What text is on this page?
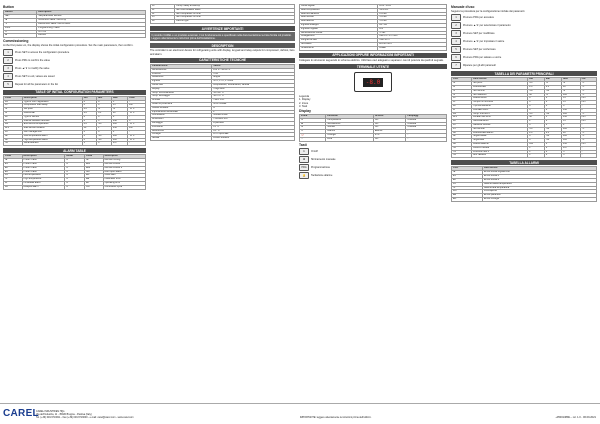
Button
Button	Description
SET	Set/parameter access
▲	Increment value / scroll up
▼	Decrement value / scroll down
PRG	Programming / save
⏻	On / off
✱	Defrost
Commissioning
At the first power-on, the display shows the initial configuration procedure. Set the main parameters, then confirm.
1	Press SET to access the configuration procedure
2	Press PRG to confirm the value
3	Press ▲/▼ to modify the value
4	Press SET to exit, values are saved
5	Repeat for all the parameters in the list
TABLE OF INITIAL CONFIGURATION PARAMETERS
Code	Description	Def	Min	Max	UOM
PA	Type of unit / application	0	0	1	-
c0	Compressor start delay	0	0	15	min
St	Set point	4.0	r1	r2	°C/°F
rd	Differential	2.0	0.1	20	°C/°F
d0	Type of defrost	0	0	4	-
dI	Interval between defrosts	8	0	240	h
dt1	End defrost temperature	4.0	-50	200	°C/°F
dP1	Max defrost duration	30	1	250	min
F0	Fan management	0	0	2	-
AL	Low temperature alarm	0	-50	200	°C/°F
AH	High temperature alarm	0	-50	200	°C/°F
H0	Serial address	1	0	247	-
ALARM TABLE
Code	Description	Reset	Code	Description
rE	Probe 1 fault	A	dF	Defrost running
E1	Probe 2 fault	A	Ed1	Defrost timeout
E2	Probe 3 fault	A	Ed2	Defrost timeout 2
E3	Probe 4 fault	A	dOr	Door open alarm
LO	Low temperature	A	Etc	Clock fault
HI	High temperature	A	EE	Parameter error
IA	Immediate alarm	A	EF	Operating error
dA	Delayed alarm	A	ccb	Continuous cycle
c0	Comp. delay at start-up
c1	Min time between starts
c2	Min compressor off time
c3	Min compressor on time
d0	Defrost type
AVVERTENZE IMPORTANTI
Il prodotto CAREL è un prodotto avanzato, il cui funzionamento è specificato nella documentazione tecnica fornita col prodotto. Leggere attentamente le istruzioni prima dell'installazione.
DESCRIPTION
The controller is an electronic device for refrigerating units with display, keypad and relay outputs for compressor, defrost, fans and alarm.
CARATTERISTICHE TECNICHE
Caratteristica	Valore
Alimentazione	230 V~ 50/60 Hz
Potenza	3 VA
Isolamento	doppio
Ingressi	NTC, PTC, PT1000
Uscite relè	compressore, sbrinamento, ventole
Display	3 digit LED
Temp. funzionamento	-10T60 °C
Temp. stoccaggio	-20T70 °C
Umidità	<90% U.R.
Grado di protezione	IP65 frontale
Classe software	A
Inquinamento ambientale	2
Connessioni	morsetti a vite
Dimensioni	75x33x80 mm
Montaggio	a pannello
Precisione	±1 °C
Risoluzione	0.1 °C
Orologio	RTC opzionale
Seriale	RS485 Modbus
Uscite digitali	DO1...DO4
Relè compressore	16 A res.
Relè sbrinamento	8 A res.
Relè ventole	5 A res.
Relè allarme	5 A res.
Ingressi analogici	B1...B3
Ingresso digitale	DI1
Alimentazione sonde	5 Vdc
Collegamenti	cavi 0.5...2.5 mm²
Lunghezza cavi	max 10 m
Normative	EN 60730-1
Smaltimento	RAEE
APPLICAZIONI OPPURE INFORMAZIONI IMPORTANTI
Collegare lo strumento seguendo lo schema elettrico. Utilizzare cavi adeguati e separare i cavi di potenza da quelli di segnale.
TERMINALE UTENTE
-8.0
Legenda
1. Display
2. Icone
3. Tasti
Display
Icona	Funzione	Acceso	Lampegg.
❄	Compressore	ON	richiesta
✱	Sbrinamento	ON	richiesta
⚙	Ventole	ON	richiesta
⚠	Allarme	allarme	-
⏰	Orologio	RTC	-
☼	Luce	ON	-
Tasti
⏻	On/off
✱	Sbrinamento manuale
PRG	Programmazione
🔔	Tacitazione allarme
Manuale d'uso
Seguire la procedura per la configurazione iniziale dei parametri.
1	Premere PRG per accedere
2	Premere ▲/▼ per selezionare il parametro
3	Premere SET per modificare
4	Premere ▲/▼ per impostare il valore
5	Premere SET per confermare
6	Premere PRG per salvare e uscire
7	Ripetere per gli altri parametri
TABELLA DEI PARAMETRI PRINCIPALI
Cod.	Descrizione	Def	Min	Max	UM
St	Set point	4.0	r1	r2	°C
rd	Differenziale	2.0	0.1	20	°C
r1	Set minimo	-50	-50	r2	°C
r2	Set massimo	60	r1	200	°C
c0	Ritardo avvio	0	0	15	min
c1	Tempo min tra avvii	0	0	15	min
d0	Tipo sbrinamento	0	0	4	-
dI	Intervallo sbrin.	8	0	240	h
dt1	Temp. fine sbrin.	4.0	-50	200	°C
dP1	Durata max sbrin.	30	1	250	min
dd	Gocciolamento	2	0	15	min
F0	Gestione ventole	0	0	2	-
F1	Set ventole	5.0	-50	200	°C
A0	Differenziale allarmi	2.0	0.1	20	°C
AL	Soglia bassa	0	-50	200	°C
AH	Soglia alta	0	-50	200	°C
Ad	Ritardo allarme	120	0	250	min
H0	Indirizzo seriale	1	0	247	-
H1	Funzione relè 4	1	0	3	-
H2	Abil. tastiera	1	0	3	-
TABELLA ALLARMI
Cod.	Descrizione
rE	Errore sonda regolazione
E1	Errore sonda 1
E2	Errore sonda 2
LO	Allarme bassa temperatura
HI	Allarme alta temperatura
dOr	Porta aperta
EE	Errore parametri
Etc	Errore orologio
CAREL
CAREL INDUSTRIES HQs
Via dell'Industria, 11 - 35020 Brugine - Padova (Italy)
Tel. (+39) 049.9716611 - Fax (+39) 049.9716600 - e-mail: carel@carel.com - www.carel.com	IMPORTANTE: leggere attentamente le istruzioni prima dell'utilizzo.	+0500138ML - rel. 1.0 - 06.09.2021
